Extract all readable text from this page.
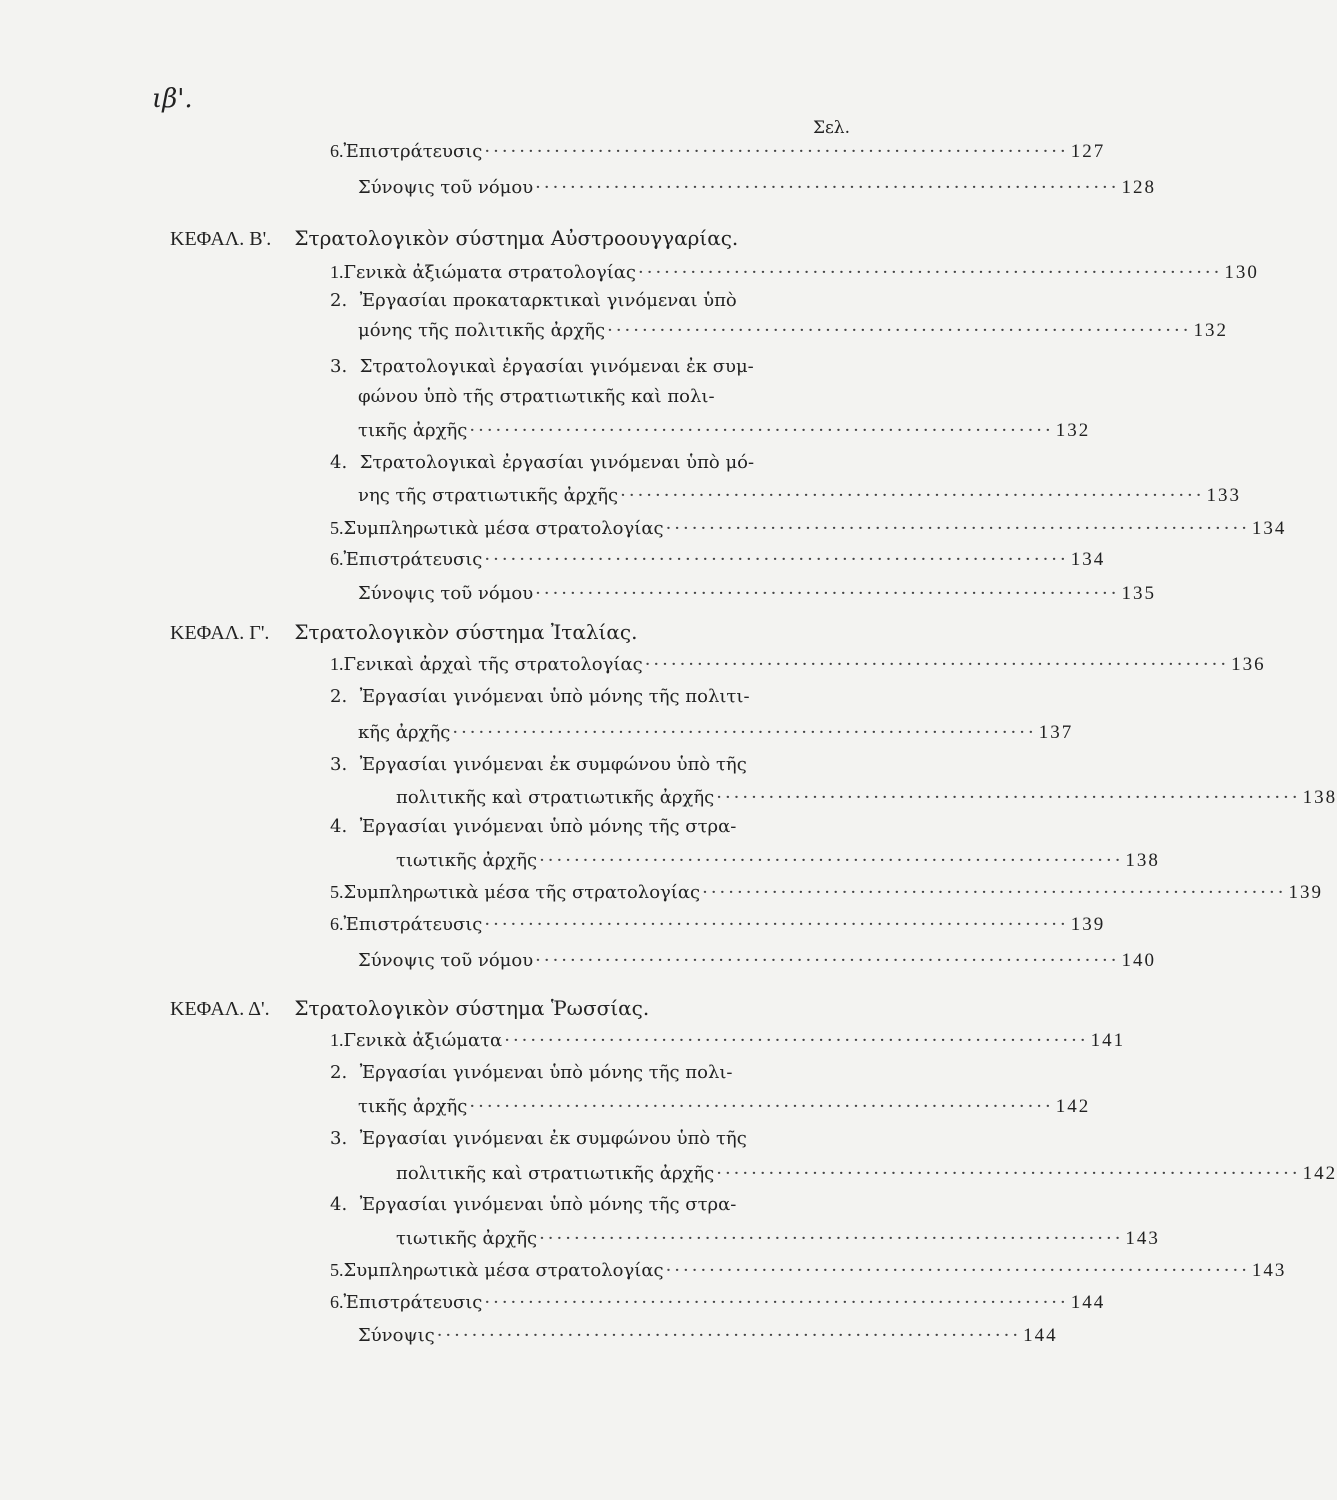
ιβ'.
Σελ.
6. Ἐπιστράτευσις ··································································· 127
Σύνοψις τοῦ νόμου ··································································· 128
ΚΕΦΑΛ. Β'. Στρατολογικὸν σύστημα Αὐστροουγγαρίας.
1. Γενικὰ ἀξιώματα στρατολογίας ··································································· 130
2. Ἐργασίαι προκαταρκτικαὶ γινόμεναι ὑπὸ
μόνης τῆς πολιτικῆς ἀρχῆς ··································································· 132
3. Στρατολογικαὶ ἐργασίαι γινόμεναι ἐκ συμ-
φώνου ὑπὸ τῆς στρατιωτικῆς καὶ πολι-
τικῆς ἀρχῆς ··································································· 132
4. Στρατολογικαὶ ἐργασίαι γινόμεναι ὑπὸ μό-
νης τῆς στρατιωτικῆς ἀρχῆς ··································································· 133
5. Συμπληρωτικὰ μέσα στρατολογίας ··································································· 134
6. Ἐπιστράτευσις ··································································· 134
Σύνοψις τοῦ νόμου ··································································· 135
ΚΕΦΑΛ. Γ'. Στρατολογικὸν σύστημα Ἰταλίας.
1. Γενικαὶ ἀρχαὶ τῆς στρατολογίας ··································································· 136
2. Ἐργασίαι γινόμεναι ὑπὸ μόνης τῆς πολιτι-
κῆς ἀρχῆς ··································································· 137
3. Ἐργασίαι γινόμεναι ἐκ συμφώνου ὑπὸ τῆς
πολιτικῆς καὶ στρατιωτικῆς ἀρχῆς ··································································· 138
4. Ἐργασίαι γινόμεναι ὑπὸ μόνης τῆς στρα-
τιωτικῆς ἀρχῆς ··································································· 138
5. Συμπληρωτικὰ μέσα τῆς στρατολογίας ··································································· 139
6. Ἐπιστράτευσις ··································································· 139
Σύνοψις τοῦ νόμου ··································································· 140
ΚΕΦΑΛ. Δ'. Στρατολογικὸν σύστημα Ῥωσσίας.
1. Γενικὰ ἀξιώματα ··································································· 141
2. Ἐργασίαι γινόμεναι ὑπὸ μόνης τῆς πολι-
τικῆς ἀρχῆς ··································································· 142
3. Ἐργασίαι γινόμεναι ἐκ συμφώνου ὑπὸ τῆς
πολιτικῆς καὶ στρατιωτικῆς ἀρχῆς ··································································· 142
4. Ἐργασίαι γινόμεναι ὑπὸ μόνης τῆς στρα-
τιωτικῆς ἀρχῆς ··································································· 143
5. Συμπληρωτικὰ μέσα στρατολογίας ··································································· 143
6. Ἐπιστράτευσις ··································································· 144
Σύνοψις ··································································· 144
